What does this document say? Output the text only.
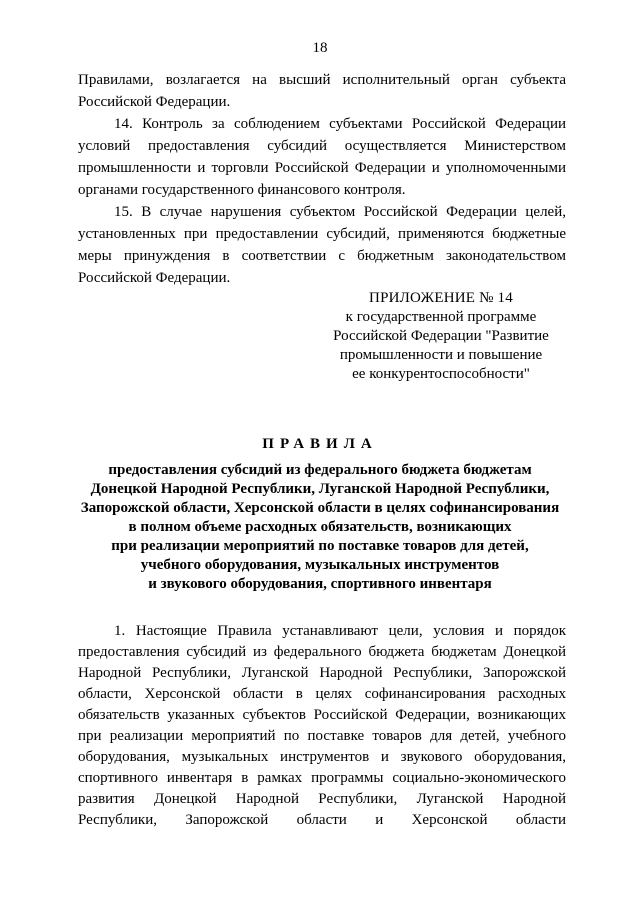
18

Правилами, возлагается на высший исполнительный орган субъекта Российской Федерации.

14. Контроль за соблюдением субъектами Российской Федерации условий предоставления субсидий осуществляется Министерством промышленности и торговли Российской Федерации и уполномоченными органами государственного финансового контроля.

15. В случае нарушения субъектом Российской Федерации целей, установленных при предоставлении субсидий, применяются бюджетные меры принуждения в соответствии с бюджетным законодательством Российской Федерации.

ПРИЛОЖЕНИЕ № 14
к государственной программе
Российской Федерации "Развитие
промышленности и повышение
ее конкурентоспособности"
ПРАВИЛА
предоставления субсидий из федерального бюджета бюджетам
Донецкой Народной Республики, Луганской Народной Республики,
Запорожской области, Херсонской области в целях софинансирования
в полном объеме расходных обязательств, возникающих
при реализации мероприятий по поставке товаров для детей,
учебного оборудования, музыкальных инструментов
и звукового оборудования, спортивного инвентаря

1. Настоящие Правила устанавливают цели, условия и порядок предоставления субсидий из федерального бюджета бюджетам Донецкой Народной Республики, Луганской Народной Республики, Запорожской области, Херсонской области в целях софинансирования расходных обязательств указанных субъектов Российской Федерации, возникающих при реализации мероприятий по поставке товаров для детей, учебного оборудования, музыкальных инструментов и звукового оборудования, спортивного инвентаря в рамках программы социально-экономического развития Донецкой Народной Республики, Луганской Народной Республики, Запорожской области и Херсонской области
